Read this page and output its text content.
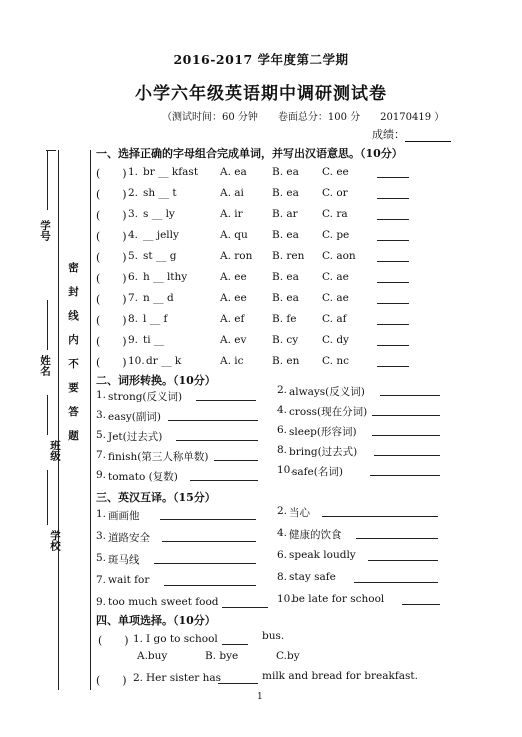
2016-2017 学年度第二学期
小学六年级英语期中调研测试卷
（测试时间：60 分钟　　卷面总分：100 分　　20170419 ）
成绩：
学号
姓名
班级
学校
密
封
线
内
不
要
答
题
一、选择正确的字母组合完成单词，并写出汉语意思。（10分）
(　　) 1. br __ kfast A. ea B. ea C. ee
(　　) 2. sh __ t	A. ai	B. ea C. or
(　　) 3. s __ ly	A. ir	B. ar C. ra
(　　) 4. __ jelly	A. qu B. ea C. pe
(　　) 5. st __ g	A. ron B. ren C. aon
(　　) 6. h __ lthy	A. ee B. ea C. ae
(　　) 7. n __ d	A. ee B. ea C. ae
(　　) 8. l __ f	A. ef	B. fe C. af
(　　) 9. ti __	A. ev B. cy C. dy
(　　) 10. dr __ k	A. ic	B. en C. nc
二、词形转换。（10分）
1. strong(反义词)
2. always(反义词)
3. easy(副词)
4. cross(现在分词)
5. Jet(过去式)
6. sleep(形容词)
7. finish(第三人称单数)
8. bring(过去式)
9. tomato (复数)
10.
safe(名词)
三、英汉互译。（15分）
1. 画画他	2. 当心
3. 道路安全	4. 健康的饮食
5. 斑马线	6. speak loudly
7. wait for	8. stay safe
9. too much sweet food	10.
be late for school
四、单项选择。（10分）
(　　) 1. I go to school	bus.
A.buy	B. bye	C.by
(　　) 2. Her sister has	milk and bread for breakfast.
1
